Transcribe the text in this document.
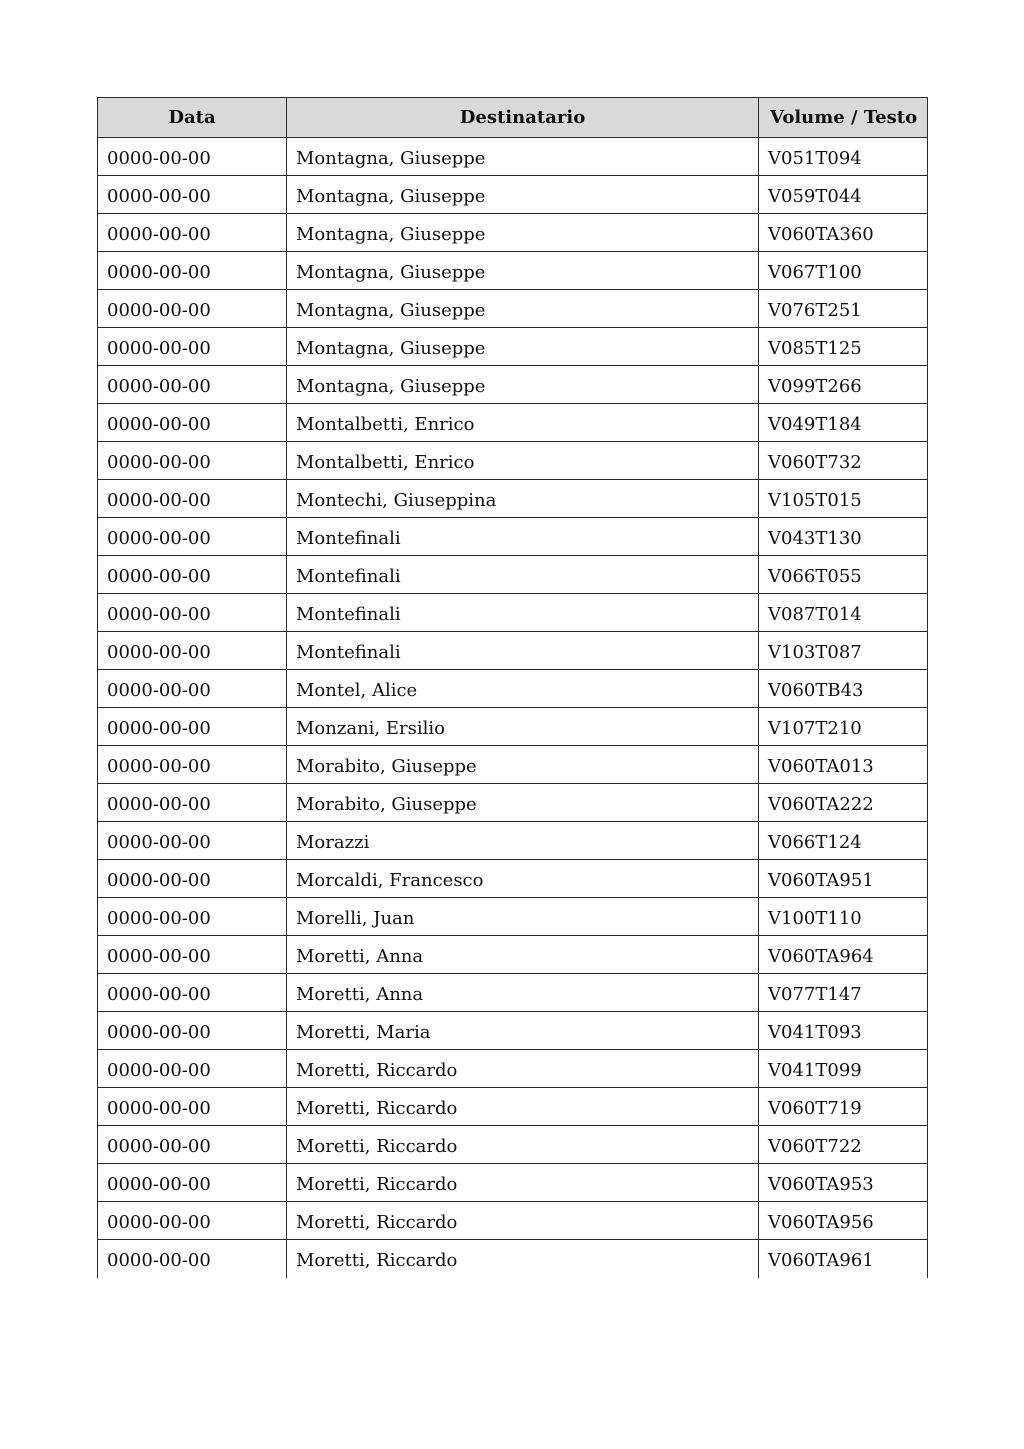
Data	Destinatario	Volume / Testo
0000-00-00	Montagna, Giuseppe	V051T094
0000-00-00	Montagna, Giuseppe	V059T044
0000-00-00	Montagna, Giuseppe	V060TA360
0000-00-00	Montagna, Giuseppe	V067T100
0000-00-00	Montagna, Giuseppe	V076T251
0000-00-00	Montagna, Giuseppe	V085T125
0000-00-00	Montagna, Giuseppe	V099T266
0000-00-00	Montalbetti, Enrico	V049T184
0000-00-00	Montalbetti, Enrico	V060T732
0000-00-00	Montechi, Giuseppina	V105T015
0000-00-00	Montefinali	V043T130
0000-00-00	Montefinali	V066T055
0000-00-00	Montefinali	V087T014
0000-00-00	Montefinali	V103T087
0000-00-00	Montel, Alice	V060TB43
0000-00-00	Monzani, Ersilio	V107T210
0000-00-00	Morabito, Giuseppe	V060TA013
0000-00-00	Morabito, Giuseppe	V060TA222
0000-00-00	Morazzi	V066T124
0000-00-00	Morcaldi, Francesco	V060TA951
0000-00-00	Morelli, Juan	V100T110
0000-00-00	Moretti, Anna	V060TA964
0000-00-00	Moretti, Anna	V077T147
0000-00-00	Moretti, Maria	V041T093
0000-00-00	Moretti, Riccardo	V041T099
0000-00-00	Moretti, Riccardo	V060T719
0000-00-00	Moretti, Riccardo	V060T722
0000-00-00	Moretti, Riccardo	V060TA953
0000-00-00	Moretti, Riccardo	V060TA956
0000-00-00	Moretti, Riccardo	V060TA961
